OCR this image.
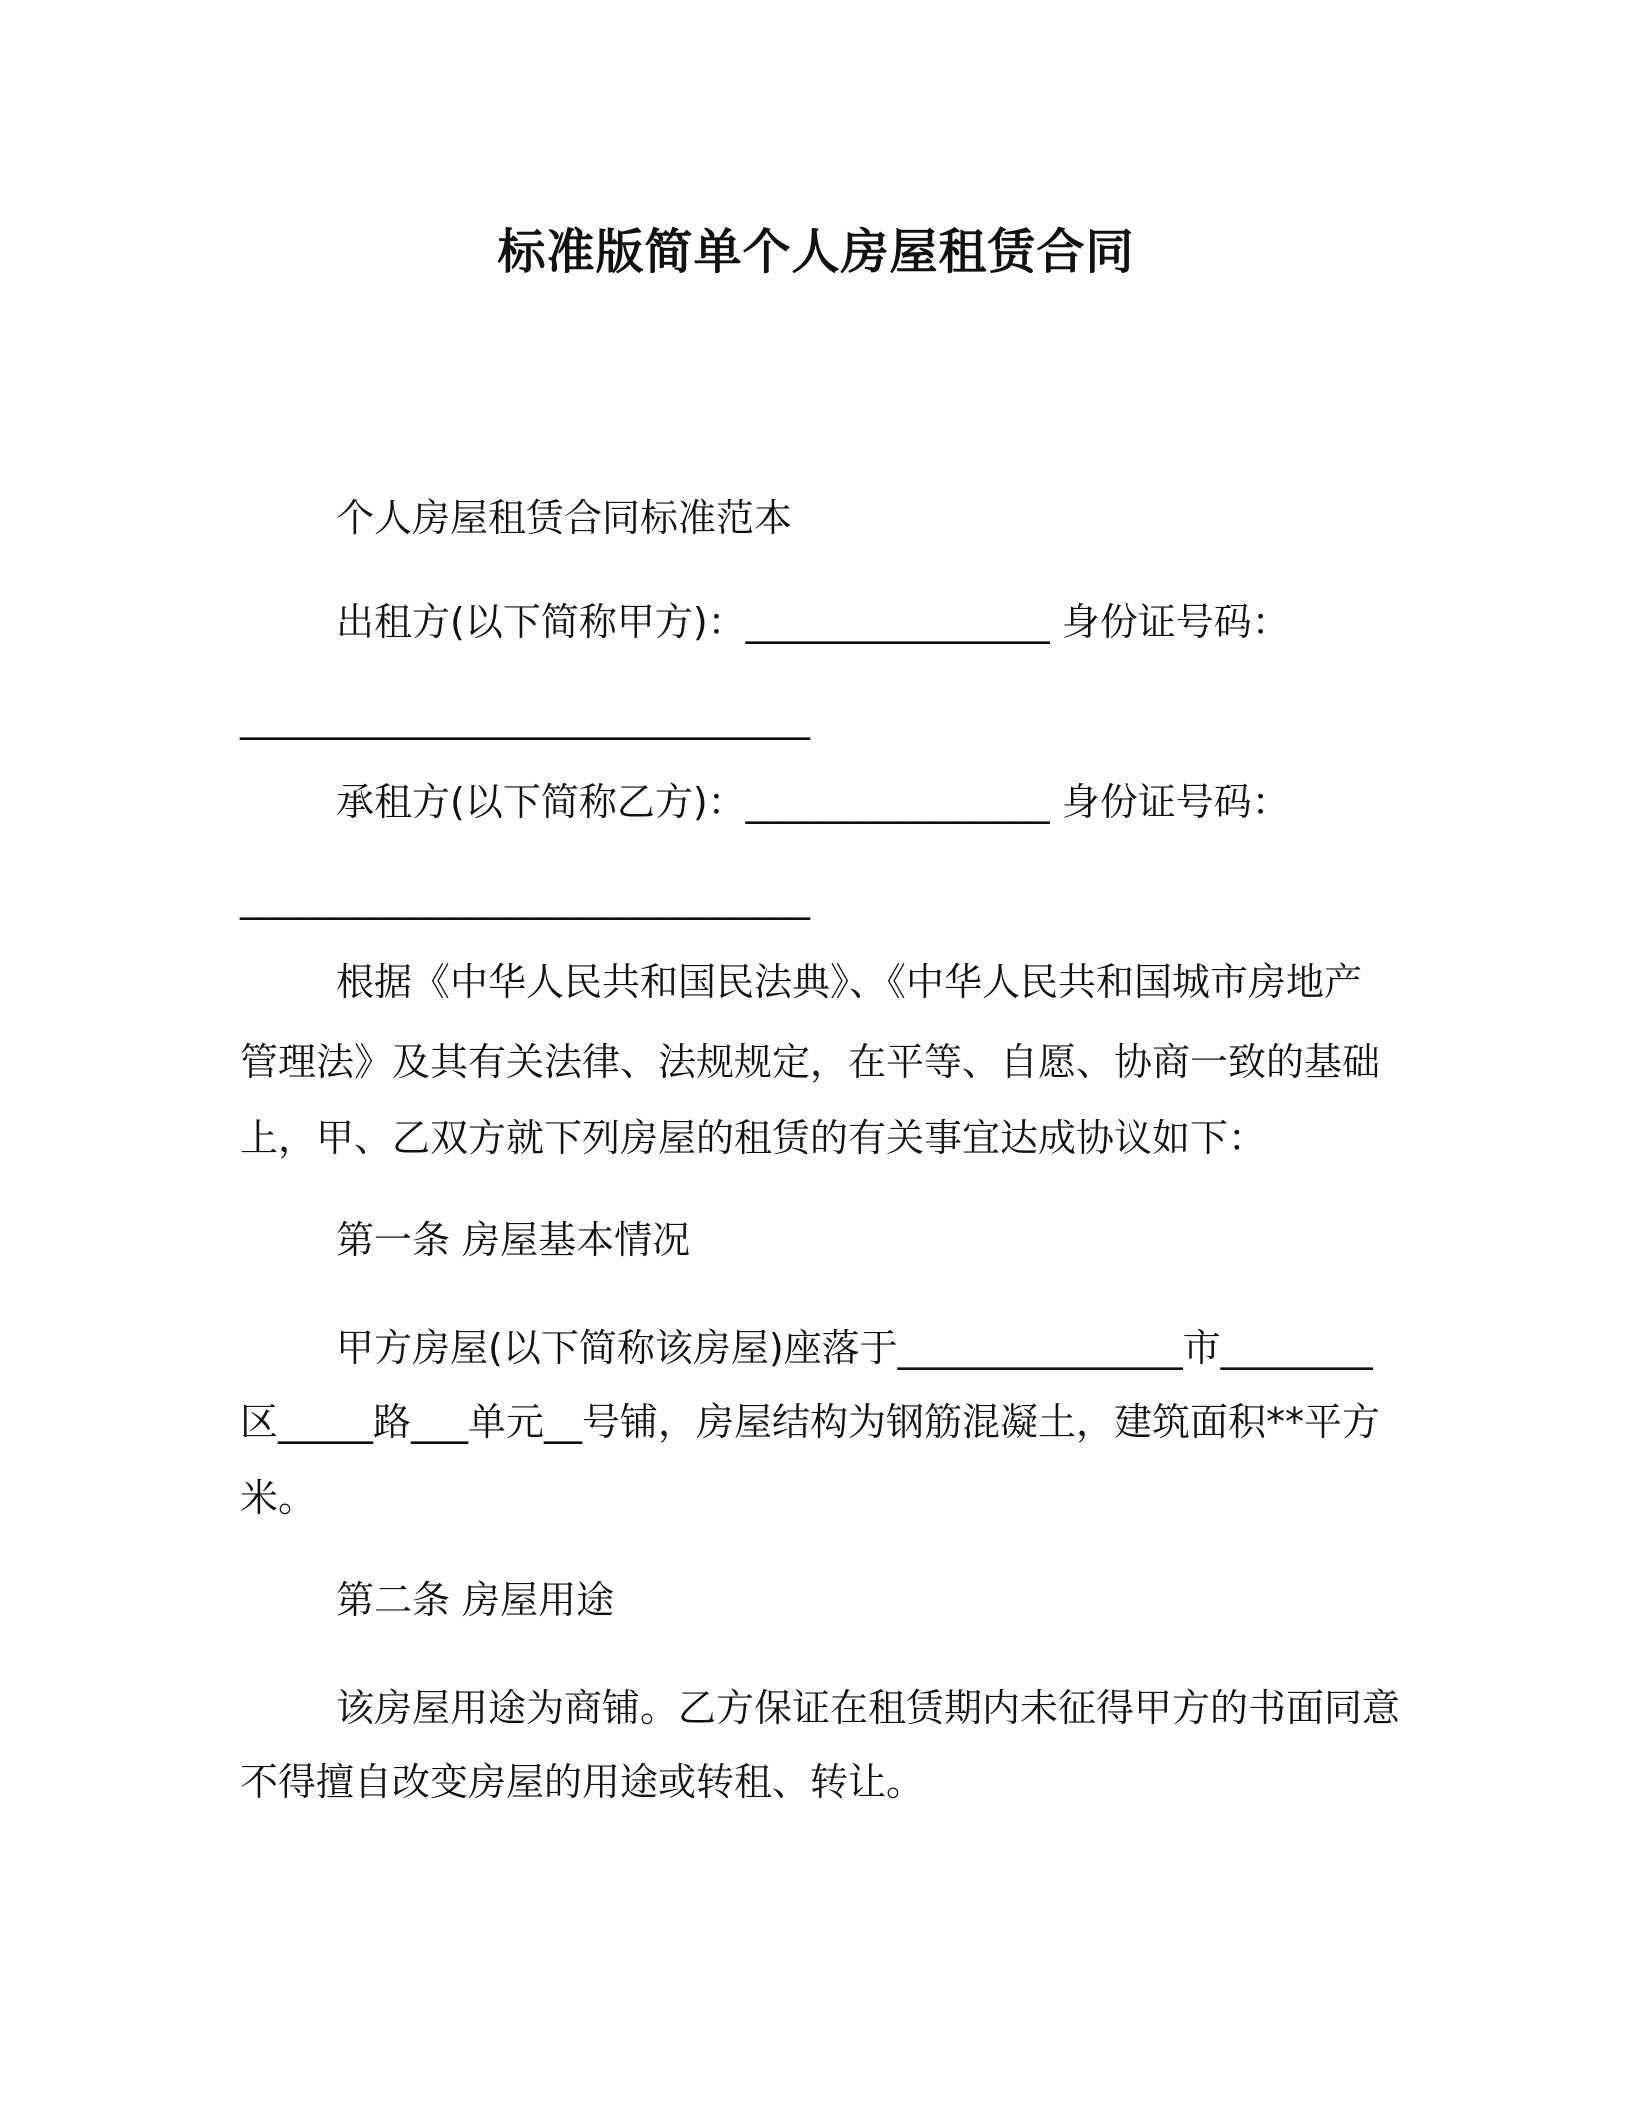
标准版简单个人房屋租赁合同
个人房屋租赁合同标准范本
出租方(以下简称甲方)：________________ 身份证号码：
______________________________
承租方(以下简称乙方)：________________ 身份证号码：
______________________________
根据《中华人民共和国民法典》、《中华人民共和国城市房地产
管理法》及其有关法律、法规规定，在平等、自愿、协商一致的基础
上，甲、乙双方就下列房屋的租赁的有关事宜达成协议如下：
第一条 房屋基本情况
甲方房屋(以下简称该房屋)座落于_______________市________
区_____路___单元__号铺，房屋结构为钢筋混凝土，建筑面积**平方
米。
第二条 房屋用途
该房屋用途为商铺。乙方保证在租赁期内未征得甲方的书面同意
不得擅自改变房屋的用途或转租、转让。
